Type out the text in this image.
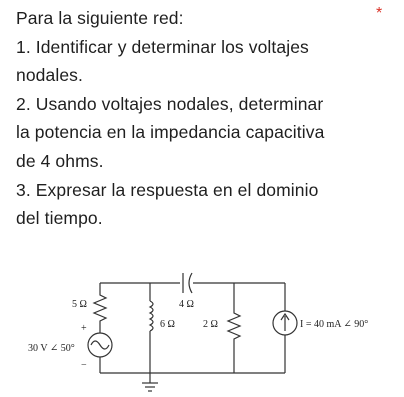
Para la siguiente red:
1. Identificar y determinar los voltajes
nodales.
2. Usando voltajes nodales, determinar
la potencia en la impedancia capacitiva
de 4 ohms.
3. Expresar la respuesta en el dominio
del tiempo.
*
4 Ω
5 Ω
+
−
30 V ∠ 50°
6 Ω	2 Ω	I = 40 mA ∠ 90°
